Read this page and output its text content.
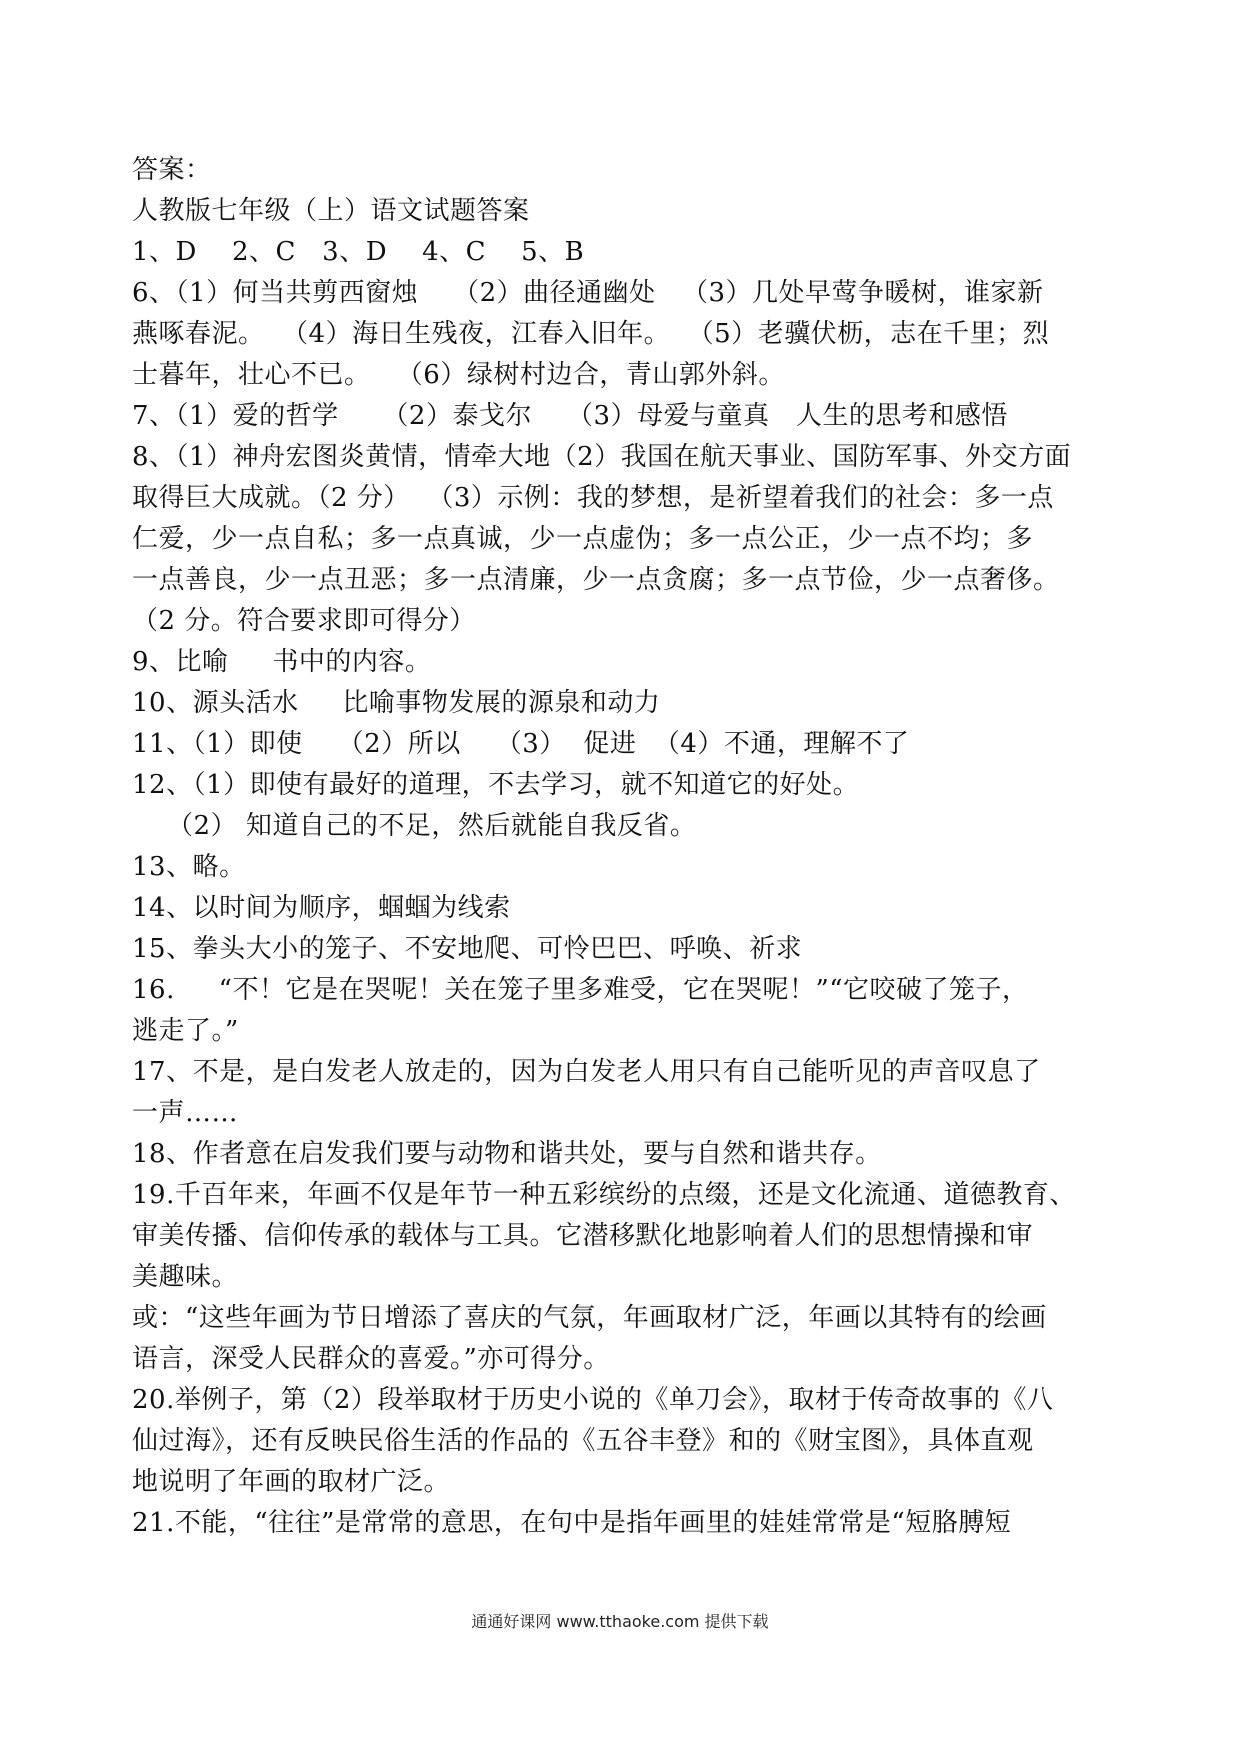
答案：
人教版七年级（上）语文试题答案
1、D    2、C   3、D    4、C    5、B
6、（1）何当共剪西窗烛    （2）曲径通幽处   （3）几处早莺争暖树，谁家新
燕啄春泥。  （4）海日生残夜，江春入旧年。  （5）老骥伏枥，志在千里；烈
士暮年，壮心不已。   （6）绿树村边合，青山郭外斜。
7、（1）爱的哲学     （2）泰戈尔    （3）母爱与童真   人生的思考和感悟
8、（1）神舟宏图炎黄情，情牵大地（2）我国在航天事业、国防军事、外交方面
取得巨大成就。（2 分）  （3）示例：我的梦想，是祈望着我们的社会：多一点
仁爱，少一点自私；多一点真诚，少一点虚伪；多一点公正，少一点不均；多
一点善良，少一点丑恶；多一点清廉，少一点贪腐；多一点节俭，少一点奢侈。
（2 分。符合要求即可得分）
9、比喻     书中的内容。
10、源头活水     比喻事物发展的源泉和动力
11、（1）即使    （2）所以    （3）  促进  （4）不通，理解不了
12、（1）即使有最好的道理，不去学习，就不知道它的好处。
（2） 知道自己的不足，然后就能自我反省。
13、略。
14、以时间为顺序，蝈蝈为线索
15、拳头大小的笼子、不安地爬、可怜巴巴、呼唤、祈求
16.     “不！它是在哭呢！关在笼子里多难受，它在哭呢！”“它咬破了笼子，
逃走了。”
17、不是，是白发老人放走的，因为白发老人用只有自己能听见的声音叹息了
一声……
18、作者意在启发我们要与动物和谐共处，要与自然和谐共存。
19.千百年来，年画不仅是年节一种五彩缤纷的点缀，还是文化流通、道德教育、
审美传播、信仰传承的载体与工具。它潜移默化地影响着人们的思想情操和审
美趣味。
或：“这些年画为节日增添了喜庆的气氛，年画取材广泛，年画以其特有的绘画
语言，深受人民群众的喜爱。”亦可得分。
20.举例子，第（2）段举取材于历史小说的《单刀会》，取材于传奇故事的《八
仙过海》，还有反映民俗生活的作品的《五谷丰登》和的《财宝图》，具体直观
地说明了年画的取材广泛。
21.不能，“往往”是常常的意思，在句中是指年画里的娃娃常常是“短胳膊短
通通好课网 www.tthaoke.com 提供下载
